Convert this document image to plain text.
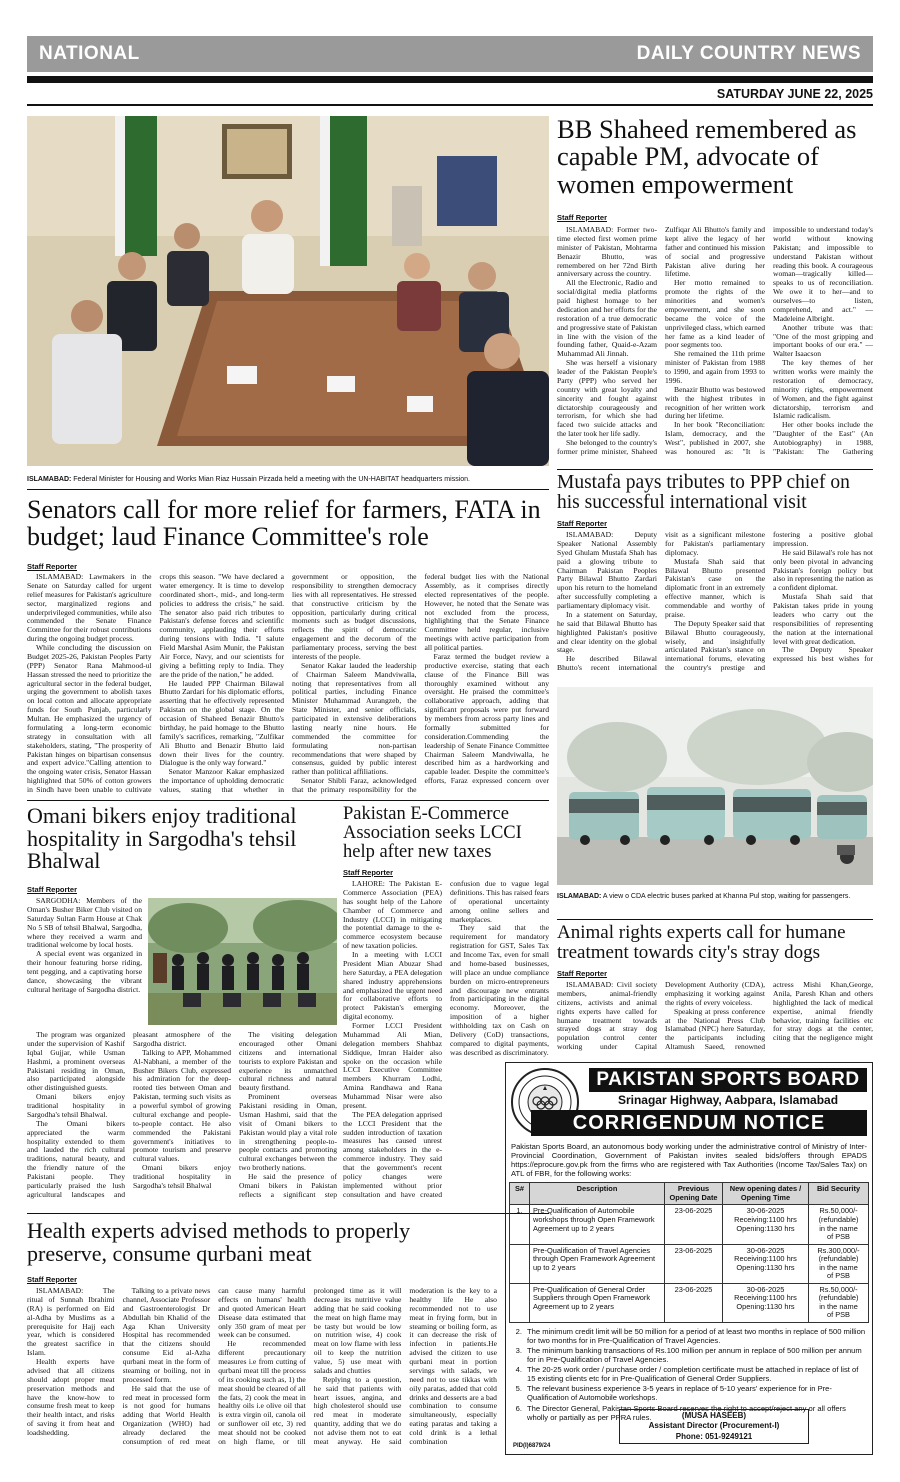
NATIONAL	DAILY COUNTRY NEWS
SATURDAY JUNE 22, 2025
ISLAMABAD: Federal Minister for Housing and Works Mian Riaz Hussain Pirzada held a meeting with the UN-HABITAT headquarters mission.
BB Shaheed remembered as capable PM, advocate of women empowerment
Staff Reporter

ISLAMABAD: Former two-time elected first women prime minister of Pakistan, Mohtarma Benazir Bhutto, was remembered on her 72nd Birth anniversary across the country.

All the Electronic, Radio and social/digital media platforms paid highest homage to her dedication and her efforts for the restoration of a true democratic and progressive state of Pakistan in line with the vision of the founding father, Quaid-e-Azam Muhammad Ali Jinnah.

She was herself a visionary leader of the Pakistan People's Party (PPP) who served her country with great loyalty and sincerity and fought against dictatorship courageously and terrorism, for which she had faced two suicide attacks and the later took her life sadly.

She belonged to the country's former prime minister, Shaheed Zulfiqar Ali Bhutto's family and kept alive the legacy of her father and continued his mission of social and progressive Pakistan alive during her lifetime.

Her motto remained to promote the rights of the minorities and women's empowerment, and she soon became the voice of the unprivileged class, which earned her fame as a kind leader of poor segments too.

She remained the 11th prime minister of Pakistan from 1988 to 1990, and again from 1993 to 1996.

Benazir Bhutto was bestowed with the highest tributes in recognition of her written work during her lifetime.

In her book "Reconciliation: Islam, democracy, and the West", published in 2007, she was honoured as: "It is impossible to understand today's world without knowing Pakistan; and impossible to understand Pakistan without reading this book. A courageous woman—tragically killed—speaks to us of reconciliation. We owe it to her—and to ourselves—to listen, comprehend, and act." — Madeleine Albright.

Another tribute was that: "One of the most gripping and important books of our era." — Walter Isaacson

The key themes of her written works were mainly the restoration of democracy, minority rights, empowerment of Women, and the fight against dictatorship, terrorism and Islamic radicalism.

Her other books include the "Daughter of the East" (An Autobiography) in 1988, "Pakistan: The Gathering

Senators call for more relief for farmers, FATA in budget; laud Finance Committee's role
Staff Reporter

ISLAMABAD: Lawmakers in the Senate on Saturday called for urgent relief measures for Pakistan's agriculture sector, marginalized regions and underprivileged communities, while also commended the Senate Finance Committee for their robust contributions during the ongoing budget process.

While concluding the discussion on Budget 2025-26, Pakistan Peoples Party (PPP) Senator Rana Mahmood-ul Hassan stressed the need to prioritize the agricultural sector in the federal budget, urging the government to abolish taxes on local cotton and allocate appropriate funds for South Punjab, particularly Multan. He emphasized the urgency of formulating a long-term economic strategy in consultation with all stakeholders, stating, "The prosperity of Pakistan hinges on bipartisan consensus and expert advice."Calling attention to the ongoing water crisis, Senator Hassan highlighted that 50% of cotton growers in Sindh have been unable to cultivate crops this season. "We have declared a water emergency. It is time to develop coordinated short-, mid-, and long-term policies to address the crisis," he said. The senator also paid rich tributes to Pakistan's defense forces and scientific community, applauding their efforts during tensions with India. "I salute Field Marshal Asim Munir, the Pakistan Air Force, Navy, and our scientists for giving a befitting reply to India. They are the pride of the nation," he added.

He lauded PPP Chairman Bilawal Bhutto Zardari for his diplomatic efforts, asserting that he effectively represented Pakistan on the global stage. On the occasion of Shaheed Benazir Bhutto's birthday, he paid homage to the Bhutto family's sacrifices, remarking, "Zulfikar Ali Bhutto and Benazir Bhutto laid down their lives for the country. Dialogue is the only way forward."

Senator Manzoor Kakar emphasized the importance of upholding democratic values, stating that whether in government or opposition, the responsibility to strengthen democracy lies with all representatives. He stressed that constructive criticism by the opposition, particularly during critical moments such as budget discussions, reflects the spirit of democratic engagement and the decorum of the parliamentary process, serving the best interests of the people.

Senator Kakar lauded the leadership of Chairman Saleem Mandviwalla, noting that representatives from all political parties, including Finance Minister Muhammad Aurangzeb, the State Minister, and senior officials, participated in extensive deliberations lasting nearly nine hours. He commended the committee for formulating non-partisan recommendations that were shaped by consensus, guided by public interest rather than political affiliations.

Senator Shibli Faraz, acknowledged that the primary responsibility for the federal budget lies with the National Assembly, as it comprises directly elected representatives of the people. However, he noted that the Senate was not excluded from the process, highlighting that the Senate Finance Committee held regular, inclusive meetings with active participation from all political parties.

Faraz termed the budget review a productive exercise, stating that each clause of the Finance Bill was thoroughly examined without any oversight. He praised the committee's collaborative approach, adding that significant proposals were put forward by members from across party lines and formally submitted for consideration.Commending the leadership of Senate Finance Committee Chairman Saleem Mandviwalla, he described him as a hardworking and capable leader. Despite the committee's efforts, Faraz expressed concern over

Mustafa pays tributes to PPP chief on his successful international visit
Staff Reporter

ISLAMABAD: Deputy Speaker National Assembly Syed Ghulam Mustafa Shah has paid a glowing tribute to Chairman Pakistan Peoples Party Bilawal Bhutto Zardari upon his return to the homeland after successfully completing a parliamentary diplomacy visit.

In a statement on Saturday, he said that Bilawal Bhutto has highlighted Pakistan's positive and clear identity on the global stage.

He described Bilawal Bhutto's recent international visit as a significant milestone for Pakistan's parliamentary diplomacy.

Mustafa Shah said that Bilawal Bhutto presented Pakistan's case on the diplomatic front in an extremely effective manner, which is commendable and worthy of praise.

The Deputy Speaker said that Bilawal Bhutto courageously, wisely, and insightfully articulated Pakistan's stance on international forums, elevating the country's prestige and fostering a positive global impression.

He said Bilawal's role has not only been pivotal in advancing Pakistan's foreign policy but also in representing the nation as a confident diplomat.

Mustafa Shah said that Pakistan takes pride in young leaders who carry out the responsibilities of representing the nation at the international level with great dedication.

The Deputy Speaker expressed his best wishes for

ISLAMABAD: A view o CDA electric buses parked at Khanna Pul stop, waiting for passengers.
Omani bikers enjoy traditional hospitality in Sargodha's tehsil Bhalwal
Staff Reporter

SARGODHA: Members of the Oman's Busher Biker Club visited on Saturday Sultan Farm House at Chak No 5 SB of tehsil Bhalwal, Sargodha, where they received a warm and traditional welcome by local hosts.

A special event was organized in their honour featuring horse riding, tent pegging, and a captivating horse dance, showcasing the vibrant cultural heritage of Sargodha district.

The program was organized under the supervision of Kashif Iqbal Gujjar, while Usman Hashmi, a prominent overseas Pakistani residing in Oman, also participated alongside other distinguished guests.

Omani bikers enjoy traditional hospitality in Sargodha's tehsil Bhalwal.

The Omani bikers appreciated the warm hospitality extended to them and lauded the rich cultural traditions, natural beauty, and the friendly nature of the Pakistani people. They particularly praised the lush agricultural landscapes and pleasant atmosphere of the Sargodha district.

Talking to APP, Mohammed Al-Nabhani, a member of the Busher Bikers Club, expressed his admiration for the deep-rooted ties between Oman and Pakistan, terming such visits as a powerful symbol of growing cultural exchange and people-to-people contact. He also commended the Pakistani government's initiatives to promote tourism and preserve cultural values.

Omani bikers enjoy traditional hospitality in Sargodha's tehsil Bhalwal

The visiting delegation encouraged other Omani citizens and international tourists to explore Pakistan and experience its unmatched cultural richness and natural beauty firsthand.

Prominent overseas Pakistani residing in Oman, Usman Hashmi, said that the visit of Omani bikers to Pakistan would play a vital role in strengthening people-to-people contacts and promoting cultural exchanges between the two brotherly nations.

He said the presence of Omani bikers in Pakistan reflects a significant step

Pakistan E-Commerce Association seeks LCCI help after new taxes
Staff Reporter

LAHORE: The Pakistan E-Commerce Association (PEA) has sought help of the Lahore Chamber of Commerce and Industry (LCCI) in mitigating the potential damage to the e-commerce ecosystem because of new taxation policies.

In a meeting with LCCI President Mian Abuzar Shad here Saturday, a PEA delegation shared industry apprehensions and emphasized the urgent need for collaborative efforts to protect Pakistan's emerging digital economy.

Former LCCI President Muhammad Ali Mian, delegation members Shahbaz Siddique, Imran Haider also spoke on the occasion while LCCI Executive Committee members Khurram Lodhi, Amina Randhawa and Rana Muhammad Nisar were also present.

The PEA delegation apprised the LCCI President that the sudden introduction of taxation measures has caused unrest among stakeholders in the e-commerce industry. They said that the government's recent policy changes were implemented without prior consultation and have created confusion due to vague legal definitions. This has raised fears of operational uncertainty among online sellers and marketplaces.

They said that the requirement for mandatory registration for GST, Sales Tax and Income Tax, even for small and home-based businesses, will place an undue compliance burden on micro-entrepreneurs and discourage new entrants from participating in the digital economy. Moreover, the imposition of a higher withholding tax on Cash on Delivery (CoD) transactions, compared to digital payments, was described as discriminatory.

Animal rights experts call for humane treatment towards city's stray dogs
Staff Reporter

ISLAMABAD: Civil society members, animal-friendly citizens, activists and animal rights experts have called for humane treatment towards strayed dogs at stray dog population control center working under Capital Development Authority (CDA), emphasizing it working against the rights of every voiceless.

Speaking at press conference at the National Press Club Islamabad (NPC) here Saturday, the participants including Altamush Saeed, renowned actress Mishi Khan,George, Anila, Paresh Khan and others highlighted the lack of medical expertise, animal friendly behavior, training facilities etc for stray dogs at the center, citing that the negligence might

Health experts advised methods to properly preserve, consume qurbani meat
Staff Reporter

ISLAMABAD: The ritual of Sunnah Ibrahimi (RA) is performed on Eid al-Adha by Muslims as a prerequisite for Hajj each year, which is considered the greatest sacrifice in Islam.

Health experts have advised that all citizens should adopt proper meat preservation methods and have the know-how to consume fresh meat to keep their health intact, and risks of saving it from heat and loadshedding.

Talking to a private news channel, Associate Professor and Gastroenterologist Dr Abdullah bin Khalid of the Aga Khan University Hospital has recommended that the citizens should consume Eid al-Azha qurbani meat in the form of steaming or boiling, not in processed form.

He said that the use of red meat in processed form is not good for humans adding that World Health Organization (WHO) had already declared the consumption of red meat can cause many harmful effects on humans' health and quoted American Heart Disease data estimated that only 350 gram of meat per week can be consumed.

He recommended different precautionary measures i.e from cutting of qurbani meat till the process of its cooking such as, 1) the meat should be cleared of all the fats, 2) cook the meat in healthy oils i.e olive oil that is extra virgin oil, canola oil or sunflower oil etc, 3) red meat should not be cooked on high flame, or till prolonged time as it will decrease its nutritive value adding that he said cooking the meat on high flame may be tasty but would be low on nutrition wise, 4) cook meat on low flame with less oil to keep the nutrition value, 5) use meat with salads and chutties

Replying to a question, he said that patients with heart issues, angina, and high cholesterol should use red meat in moderate quantity, adding that we do not advise them not to eat meat anyway. He said moderation is the key to a healthy life He also recommended not to use meat in frying form, but in steaming or boiling form, as it can decrease the risk of infection in patients.He advised the citizen to use qurbani meat in portion servings with salads, we need not to use tikkas with oily paratas, added that cold drinks and desserts are a bad combination to consume simultaneously, especially eating paratas and taking a cold drink is a lethal combination

PAKISTAN SPORTS BOARD
Srinagar Highway, Aabpara, Islamabad
CORRIGENDUM NOTICE
Pakistan Sports Board, an autonomous body working under the administrative control of Ministry of Inter-Provincial Coordination, Government of Pakistan invites sealed bids/offers through EPADS https://eprocure.gov.pk from the firms who are registered with Tax Authorities (Income Tax/Sales Tax) on ATL of FBR, for the following works:
S#	Description	Previous Opening Date	New opening dates / Opening Time	Bid Security
1.	Pre-Qualification of Automobile workshops through Open Framework Agreement up to 2 years	23-06-2025	30-06-2025
Receiving:1100 hrs
Opening:1130 hrs	Rs.50,000/-
(refundable)
in the name
of PSB
	Pre-Qualification of Travel Agencies through Open Framework Agreement up to 2 years	23-06-2025	30-06-2025
Receiving:1100 hrs
Opening:1130 hrs	Rs.300,000/-
(refundable)
in the name
of PSB
	Pre-Qualification of General Order Suppliers through Open Framework Agreement up to 2 years	23-06-2025	30-06-2025
Receiving:1100 hrs
Opening:1130 hrs	Rs.50,000/-
(refundable)
in the name
of PSB
2. The minimum credit limit will be 50 million for a period of at least two months in replace of 500 million for two months for in Pre-Qualification of Travel Agencies.
3. The minimum banking transactions of Rs.100 million per annum in replace of 500 million per annum for in Pre-Qualification of Travel Agencies.
4. The 20-25 work order / purchase order / completion certificate must be attached in replace of list of 15 existing clients etc for in Pre-Qualification of General Order Suppliers.
5. The relevant business experience 3-5 years in replace of 5-10 years' experience for in Pre-Qualification of Automobile workshops.
6. The Director General, Pakistan Sports Board reserves the right to accept/reject any or all offers wholly or partially as per PPRA rules.
PID(I)6879/24
(MUSA HASEEB)
Assistant Director (Procurement-I)
Phone: 051-9249121
